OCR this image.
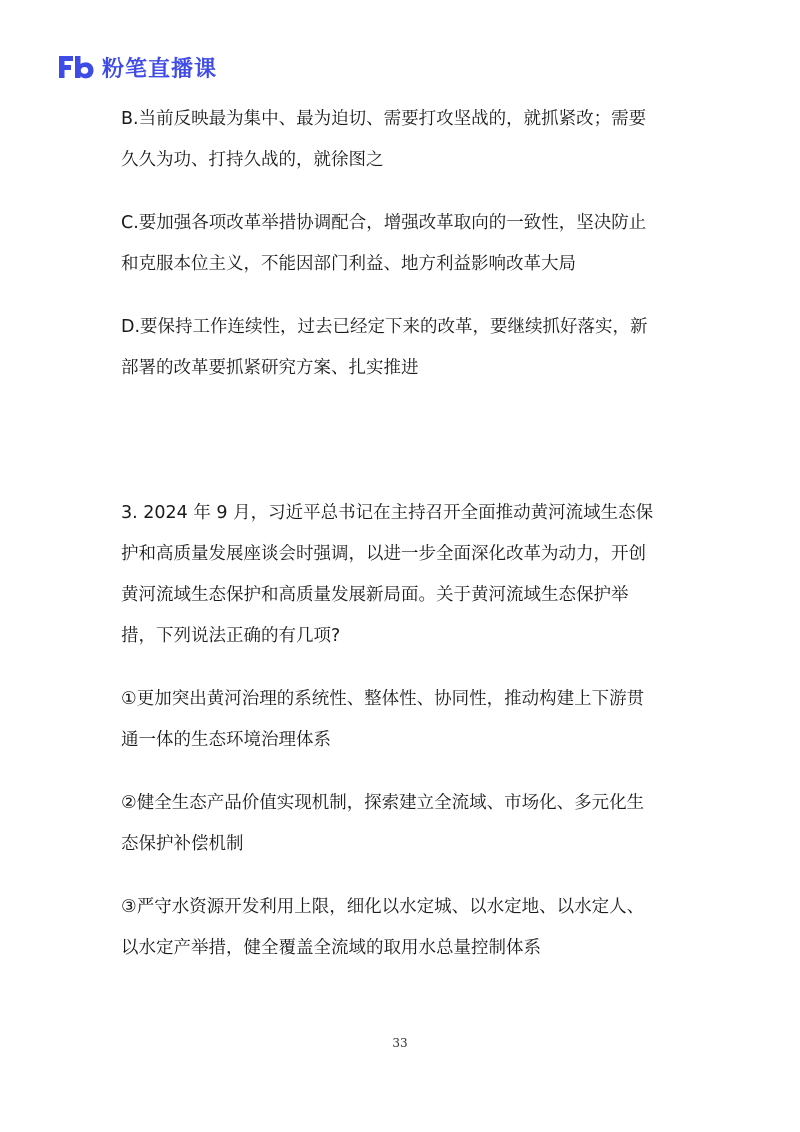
粉笔直播课

B.当前反映最为集中、最为迫切、需要打攻坚战的，就抓紧改；需要
久久为功、打持久战的，就徐图之

C.要加强各项改革举措协调配合，增强改革取向的一致性，坚决防止
和克服本位主义，不能因部门利益、地方利益影响改革大局

D.要保持工作连续性，过去已经定下来的改革，要继续抓好落实，新
部署的改革要抓紧研究方案、扎实推进

3. 2024 年 9 月，习近平总书记在主持召开全面推动黄河流域生态保
护和高质量发展座谈会时强调，以进一步全面深化改革为动力，开创
黄河流域生态保护和高质量发展新局面。关于黄河流域生态保护举
措，下列说法正确的有几项?

①更加突出黄河治理的系统性、整体性、协同性，推动构建上下游贯
通一体的生态环境治理体系

②健全生态产品价值实现机制，探索建立全流域、市场化、多元化生
态保护补偿机制

③严守水资源开发利用上限，细化以水定城、以水定地、以水定人、
以水定产举措，健全覆盖全流域的取用水总量控制体系

33
